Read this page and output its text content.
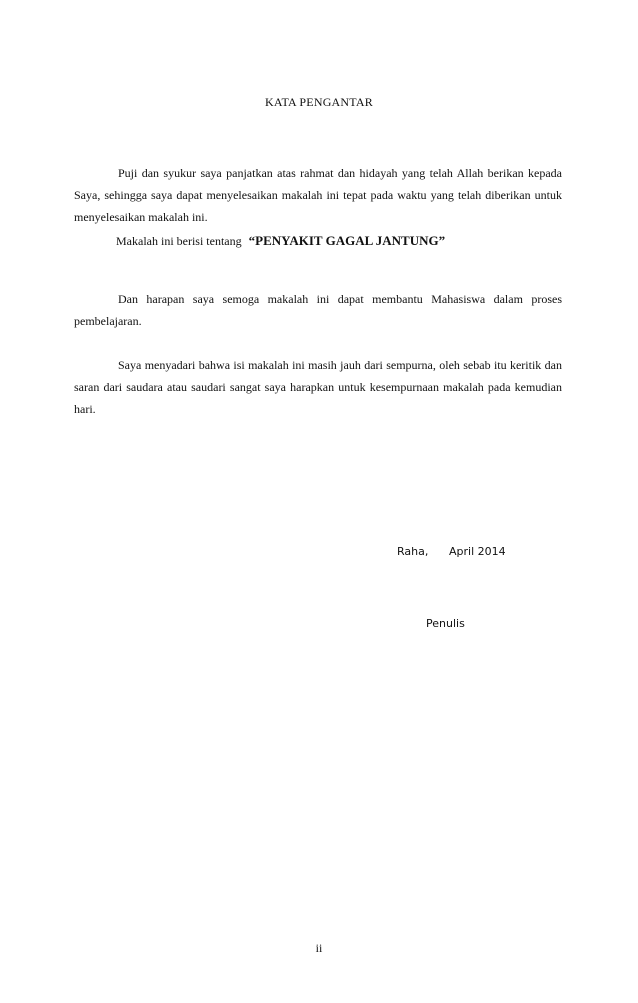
KATA PENGANTAR
Puji dan syukur saya panjatkan atas rahmat dan hidayah yang telah Allah berikan kepada Saya, sehingga saya dapat menyelesaikan makalah ini tepat pada waktu yang telah diberikan untuk menyelesaikan makalah ini.
Makalah ini berisi tentang “PENYAKIT GAGAL JANTUNG”
Dan harapan saya semoga makalah ini dapat membantu Mahasiswa dalam proses pembelajaran.
Saya menyadari bahwa isi makalah ini masih jauh dari sempurna, oleh sebab itu keritik dan saran dari saudara atau saudari sangat saya harapkan untuk kesempurnaan makalah pada kemudian hari.
Raha, April 2014
Penulis
ii
